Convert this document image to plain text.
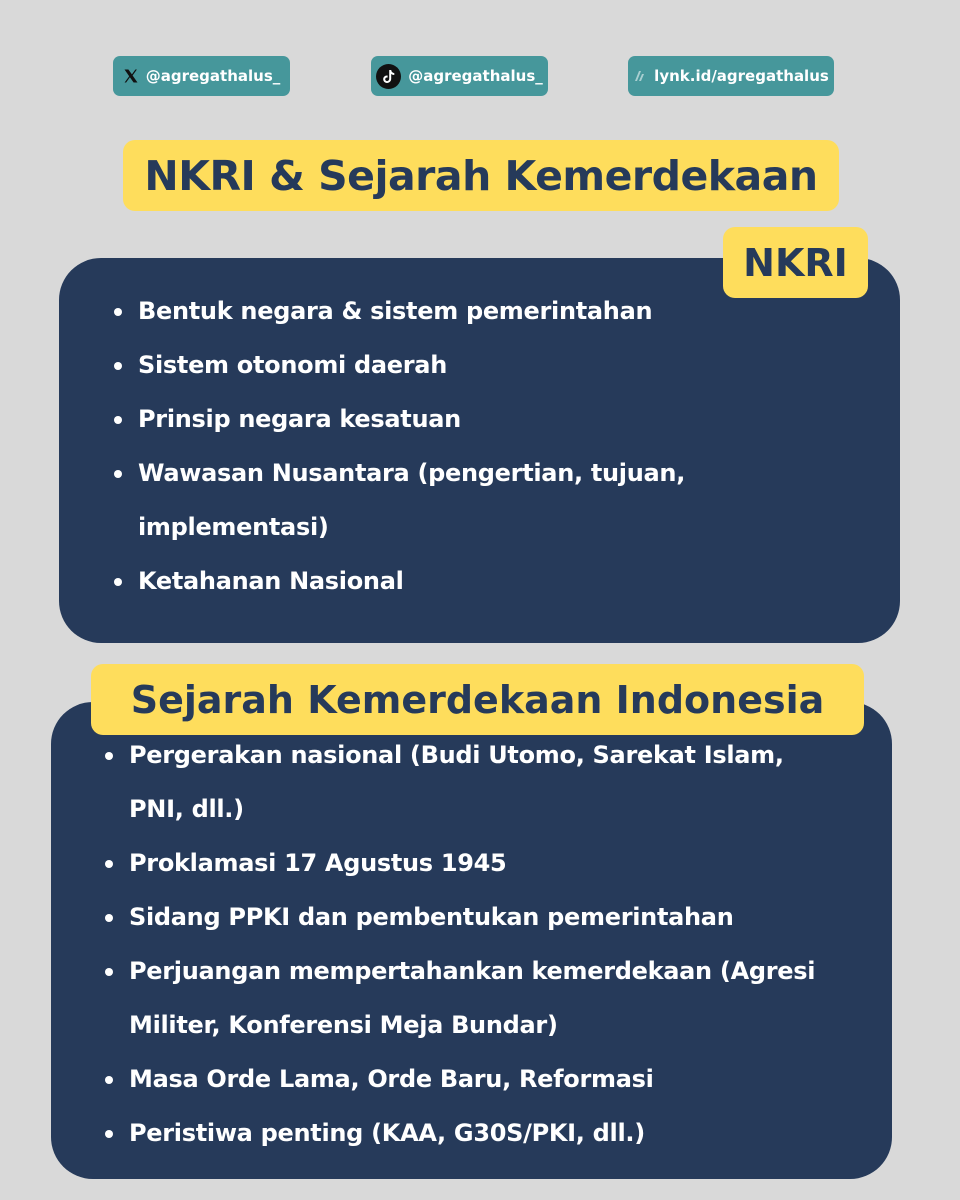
@agregathalus_	@agregathalus_	lynk.id/agregathalus
NKRI & Sejarah Kemerdekaan
NKRI
Bentuk negara & sistem pemerintahan
Sistem otonomi daerah
Prinsip negara kesatuan
Wawasan Nusantara (pengertian, tujuan, implementasi)
Ketahanan Nasional
Sejarah Kemerdekaan Indonesia
Pergerakan nasional (Budi Utomo, Sarekat Islam, PNI, dll.)
Proklamasi 17 Agustus 1945
Sidang PPKI dan pembentukan pemerintahan
Perjuangan mempertahankan kemerdekaan (Agresi Militer, Konferensi Meja Bundar)
Masa Orde Lama, Orde Baru, Reformasi
Peristiwa penting (KAA, G30S/PKI, dll.)
